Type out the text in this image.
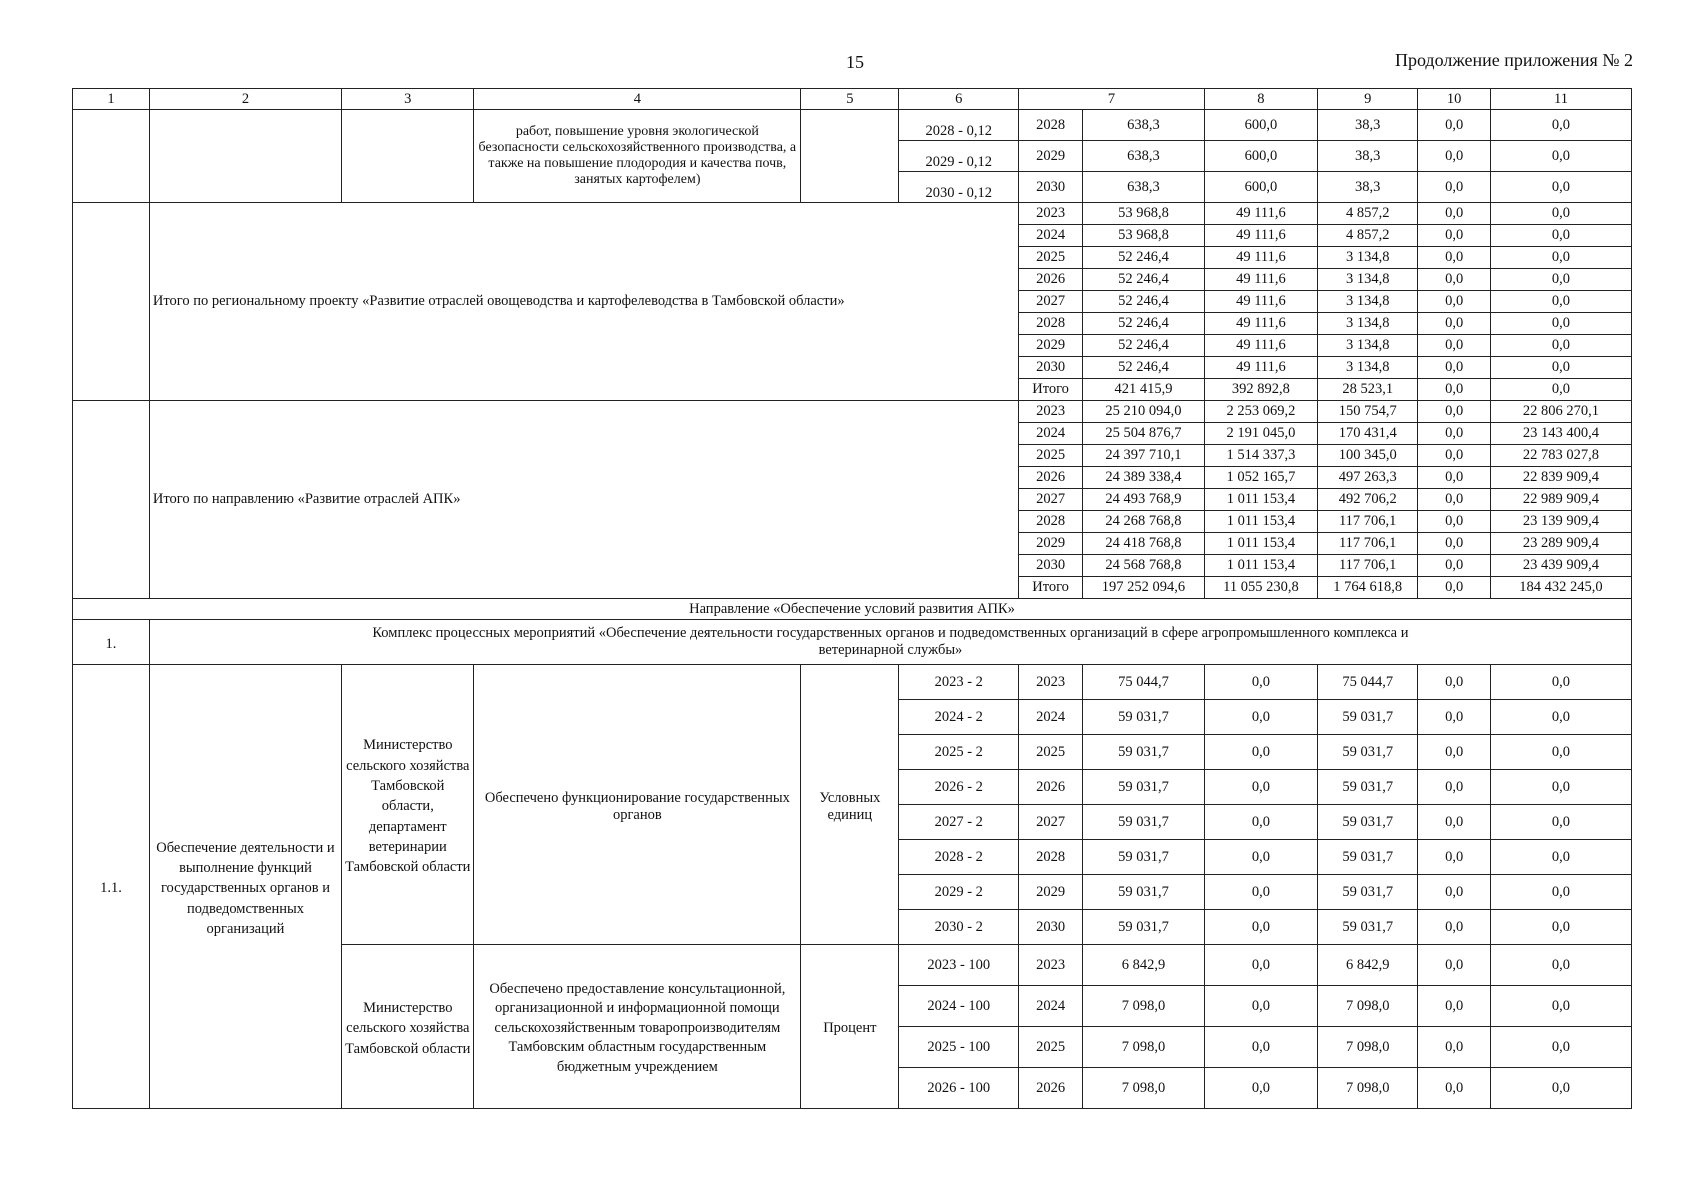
15	Продолжение приложения № 2
1	2	3	4	5	6	7		8	9	10	11
			работ, повышение уровня экологической безопасности сельскохозяйственного производства, а также на повышение плодородия и качества почв, занятых картофелем)		2028 - 0,12	2028	638,3	600,0	38,3	0,0	0,0
					2029 - 0,12	2029	638,3	600,0	38,3	0,0	0,0
					2030 - 0,12	2030	638,3	600,0	38,3	0,0	0,0
	Итого по региональному проекту «Развитие отраслей овощеводства и картофелеводства в Тамбовской области»					2023	53 968,8	49 111,6	4 857,2	0,0	0,0
						2024	53 968,8	49 111,6	4 857,2	0,0	0,0
						2025	52 246,4	49 111,6	3 134,8	0,0	0,0
						2026	52 246,4	49 111,6	3 134,8	0,0	0,0
						2027	52 246,4	49 111,6	3 134,8	0,0	0,0
						2028	52 246,4	49 111,6	3 134,8	0,0	0,0
						2029	52 246,4	49 111,6	3 134,8	0,0	0,0
						2030	52 246,4	49 111,6	3 134,8	0,0	0,0
						Итого	421 415,9	392 892,8	28 523,1	0,0	0,0
	Итого по направлению «Развитие отраслей АПК»					2023	25 210 094,0	2 253 069,2	150 754,7	0,0	22 806 270,1
						2024	25 504 876,7	2 191 045,0	170 431,4	0,0	23 143 400,4
						2025	24 397 710,1	1 514 337,3	100 345,0	0,0	22 783 027,8
						2026	24 389 338,4	1 052 165,7	497 263,3	0,0	22 839 909,4
						2027	24 493 768,9	1 011 153,4	492 706,2	0,0	22 989 909,4
						2028	24 268 768,8	1 011 153,4	117 706,1	0,0	23 139 909,4
						2029	24 418 768,8	1 011 153,4	117 706,1	0,0	23 289 909,4
						2030	24 568 768,8	1 011 153,4	117 706,1	0,0	23 439 909,4
						Итого	197 252 094,6	11 055 230,8	1 764 618,8	0,0	184 432 245,0
Направление «Обеспечение условий развития АПК»											
1.	Комплекс процессных мероприятий «Обеспечение деятельности государственных органов и подведомственных организаций в сфере агропромышленного комплекса и ветеринарной службы»										
1.1.	Обеспечение деятельности и выполнение функций государственных органов и подведомственных организаций	Министерство сельского хозяйства Тамбовской области, департамент ветеринарии Тамбовской области	Обеспечено функционирование государственных органов	Условных единиц	2023 - 2	2023	75 044,7	0,0	75 044,7	0,0	0,0
					2024 - 2	2024	59 031,7	0,0	59 031,7	0,0	0,0
					2025 - 2	2025	59 031,7	0,0	59 031,7	0,0	0,0
					2026 - 2	2026	59 031,7	0,0	59 031,7	0,0	0,0
					2027 - 2	2027	59 031,7	0,0	59 031,7	0,0	0,0
					2028 - 2	2028	59 031,7	0,0	59 031,7	0,0	0,0
					2029 - 2	2029	59 031,7	0,0	59 031,7	0,0	0,0
					2030 - 2	2030	59 031,7	0,0	59 031,7	0,0	0,0
		Министерство сельского хозяйства Тамбовской области	Обеспечено предоставление консультационной, организационной и информационной помощи сельскохозяйственным товаропроизводителям Тамбовским областным государственным бюджетным учреждением	Процент	2023 - 100	2023	6 842,9	0,0	6 842,9	0,0	0,0
					2024 - 100	2024	7 098,0	0,0	7 098,0	0,0	0,0
					2025 - 100	2025	7 098,0	0,0	7 098,0	0,0	0,0
					2026 - 100	2026	7 098,0	0,0	7 098,0	0,0	0,0
